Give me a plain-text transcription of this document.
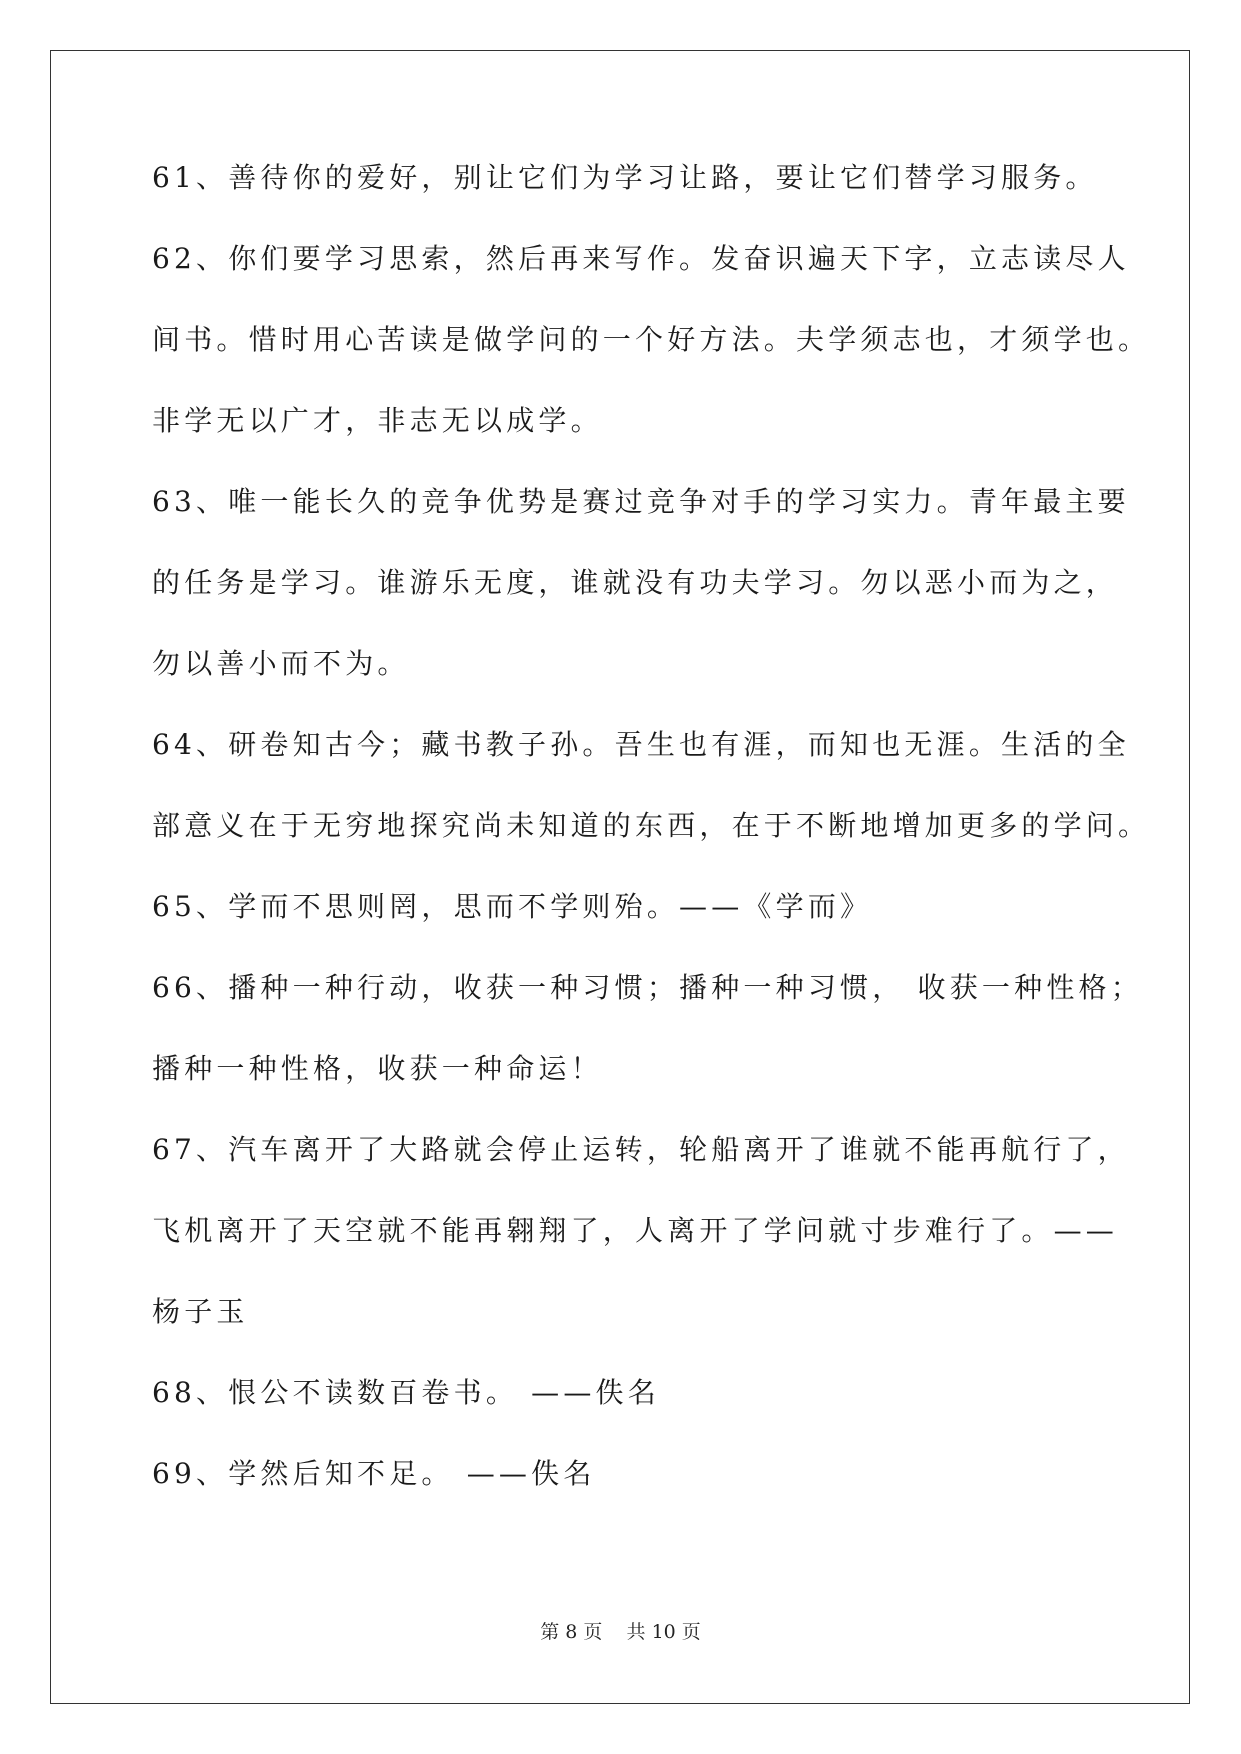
61、善待你的爱好，别让它们为学习让路，要让它们替学习服务。
62、你们要学习思索，然后再来写作。发奋识遍天下字，立志读尽人
间书。惜时用心苦读是做学问的一个好方法。夫学须志也，才须学也。
非学无以广才，非志无以成学。
63、唯一能长久的竞争优势是赛过竞争对手的学习实力。青年最主要
的任务是学习。谁游乐无度，谁就没有功夫学习。勿以恶小而为之，
勿以善小而不为。
64、研卷知古今；藏书教子孙。吾生也有涯，而知也无涯。生活的全
部意义在于无穷地探究尚未知道的东西，在于不断地增加更多的学问。
65、学而不思则罔，思而不学则殆。——《学而》
66、播种一种行动，收获一种习惯；播种一种习惯， 收获一种性格；
播种一种性格，收获一种命运！
67、汽车离开了大路就会停止运转，轮船离开了谁就不能再航行了，
飞机离开了天空就不能再翱翔了，人离开了学问就寸步难行了。——
杨子玉
68、恨公不读数百卷书。 ——佚名
69、学然后知不足。 ——佚名
第 8 页    共 10 页
